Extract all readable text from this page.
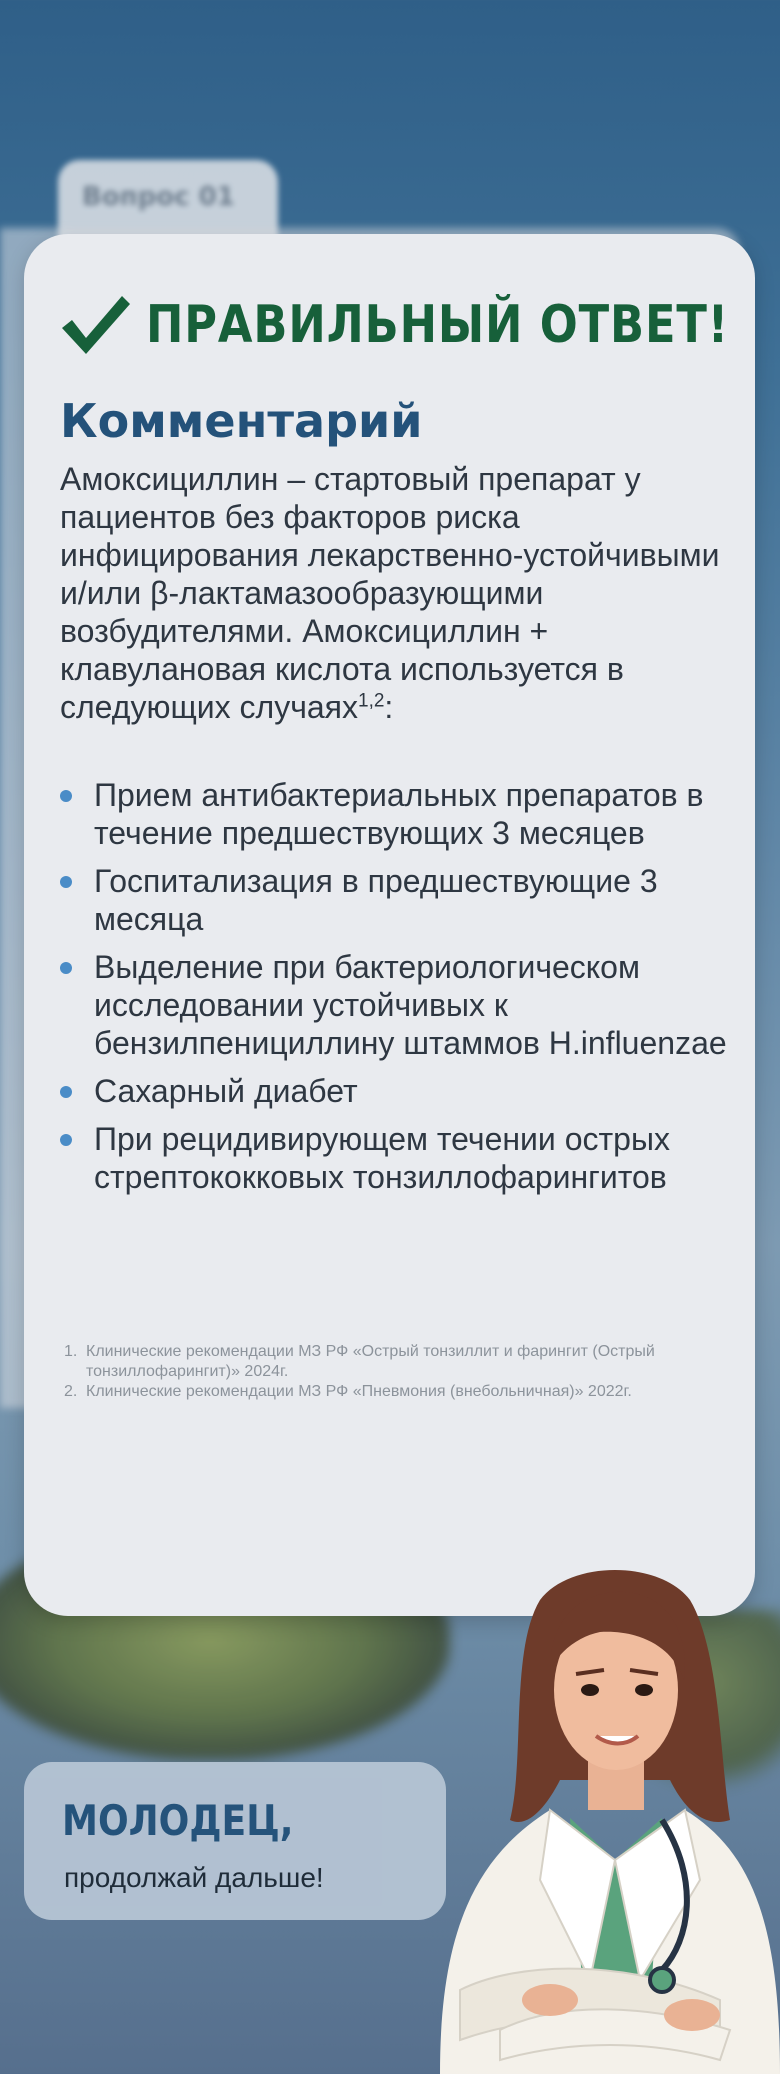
Вопрос 01
ПРАВИЛЬНЫЙ ОТВЕТ!
Комментарий

Амоксициллин – стартовый препарат у пациентов без факторов риска инфицирования лекарственно-устойчивыми и/или β-лактамазообразующими возбудителями. Амоксициллин + клавулановая кислота используется в следующих случаях$^{1,2}$:

Прием антибактериальных препаратов в течение предшествующих 3 месяцев
Госпитализация в предшествующие 3 месяца
Выделение при бактериологическом исследовании устойчивых к бензилпенициллину штаммов H.influenzae
Сахарный диабет
При рецидивирующем течении острых стрептококковых тонзиллофарингитов
1. Клинические рекомендации МЗ РФ «Острый тонзиллит и фарингит (Острый тонзиллофарингит)» 2024г.
2. Клинические рекомендации МЗ РФ «Пневмония (внебольничная)» 2022г.
МОЛОДЕЦ,
продолжай дальше!
